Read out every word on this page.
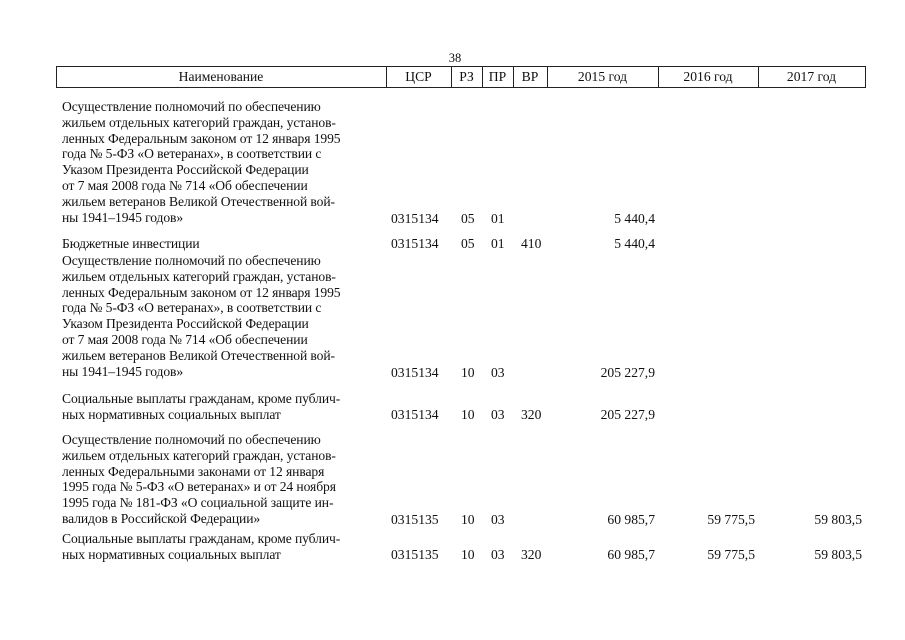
38
Наименование	ЦСР	РЗ	ПР	ВР	2015 год	2016 год	2017 год
Осуществление полномочий по обеспечению
жильем отдельных категорий граждан, установ-
ленных Федеральным законом от 12 января 1995
года № 5-ФЗ «О ветеранах», в соответствии с
Указом Президента Российской Федерации
от 7 мая 2008 года № 714 «Об обеспечении
жильем ветеранов Великой Отечественной вой-
ны 1941–1945 годов»	0315134 05 01	5 440,4
Бюджетные инвестиции	0315134 05 01 410	5 440,4
Осуществление полномочий по обеспечению
жильем отдельных категорий граждан, установ-
ленных Федеральным законом от 12 января 1995
года № 5-ФЗ «О ветеранах», в соответствии с
Указом Президента Российской Федерации
от 7 мая 2008 года № 714 «Об обеспечении
жильем ветеранов Великой Отечественной вой-
ны 1941–1945 годов»	0315134 10 03	205 227,9
Социальные выплаты гражданам, кроме публич-
ных нормативных социальных выплат	0315134 10 03 320	205 227,9
Осуществление полномочий по обеспечению
жильем отдельных категорий граждан, установ-
ленных Федеральными законами от 12 января
1995 года № 5-ФЗ «О ветеранах» и от 24 ноября
1995 года № 181-ФЗ «О социальной защите ин-
валидов в Российской Федерации»	0315135 10 03	60 985,7	59 775,5	59 803,5
Социальные выплаты гражданам, кроме публич-
ных нормативных социальных выплат	0315135 10 03 320	60 985,7	59 775,5	59 803,5
